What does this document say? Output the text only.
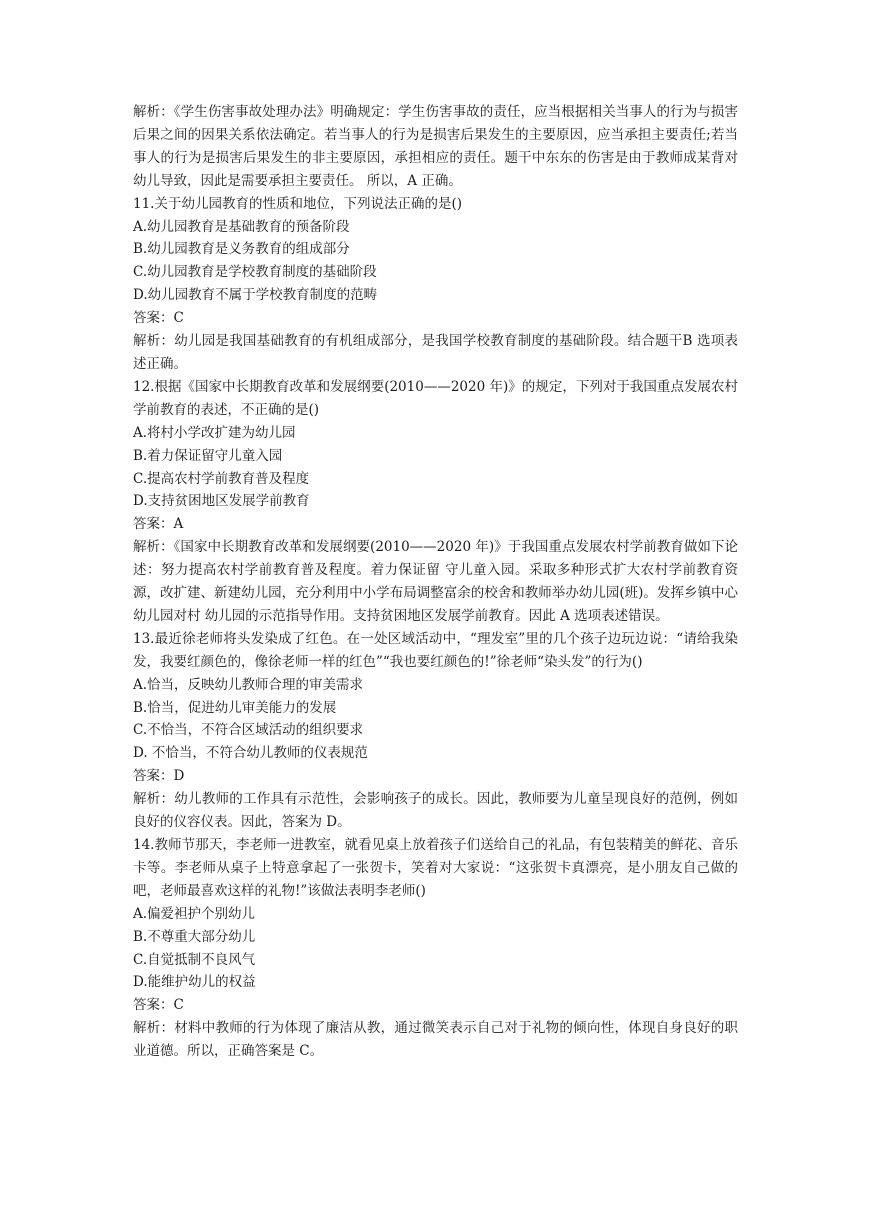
解析：《学生伤害事故处理办法》明确规定：学生伤害事故的责任，应当根据相关当事人的行为与损害后果之间的因果关系依法确定。若当事人的行为是损害后果发生的主要原因，应当承担主要责任;若当事人的行为是损害后果发生的非主要原因，承担相应的责任。题干中东东的伤害是由于教师成某背对幼儿导致，因此是需要承担主要责任。 所以，A 正确。

11.关于幼儿园教育的性质和地位，下列说法正确的是()

A.幼儿园教育是基础教育的预备阶段

B.幼儿园教育是义务教育的组成部分

C.幼儿园教育是学校教育制度的基础阶段

D.幼儿园教育不属于学校教育制度的范畴

答案：C

解析：幼儿园是我国基础教育的有机组成部分，是我国学校教育制度的基础阶段。结合题干B 选项表述正确。

12.根据《国家中长期教育改革和发展纲要(2010——2020 年)》的规定，下列对于我国重点发展农村学前教育的表述，不正确的是()

A.将村小学改扩建为幼儿园

B.着力保证留守儿童入园

C.提高农村学前教育普及程度

D.支持贫困地区发展学前教育

答案：A

解析：《国家中长期教育改革和发展纲要(2010——2020 年)》于我国重点发展农村学前教育做如下论述：努力提高农村学前教育普及程度。着力保证留 守儿童入园。采取多种形式扩大农村学前教育资源，改扩建、新建幼儿园，充分利用中小学布局调整富余的校舍和教师举办幼儿园(班)。发挥乡镇中心幼儿园对村 幼儿园的示范指导作用。支持贫困地区发展学前教育。因此 A 选项表述错误。

13.最近徐老师将头发染成了红色。在一处区域活动中，“理发室”里的几个孩子边玩边说：“请给我染发，我要红颜色的，像徐老师一样的红色”“我也要红颜色的!”徐老师“染头发”的行为()

A.恰当，反映幼儿教师合理的审美需求

B.恰当，促进幼儿审美能力的发展

C.不恰当，不符合区域活动的组织要求

D. 不恰当，不符合幼儿教师的仪表规范

答案：D

解析：幼儿教师的工作具有示范性，会影响孩子的成长。因此，教师要为儿童呈现良好的范例，例如良好的仪容仪表。因此，答案为 D。

14.教师节那天，李老师一进教室，就看见桌上放着孩子们送给自己的礼品，有包装精美的鲜花、音乐卡等。李老师从桌子上特意拿起了一张贺卡，笑着对大家说：“这张贺卡真漂亮，是小朋友自己做的吧，老师最喜欢这样的礼物!”该做法表明李老师()

A.偏爱袒护个别幼儿

B.不尊重大部分幼儿

C.自觉抵制不良风气

D.能维护幼儿的权益

答案：C

解析：材料中教师的行为体现了廉洁从教，通过微笑表示自己对于礼物的倾向性，体现自身良好的职业道德。所以，正确答案是 C。
